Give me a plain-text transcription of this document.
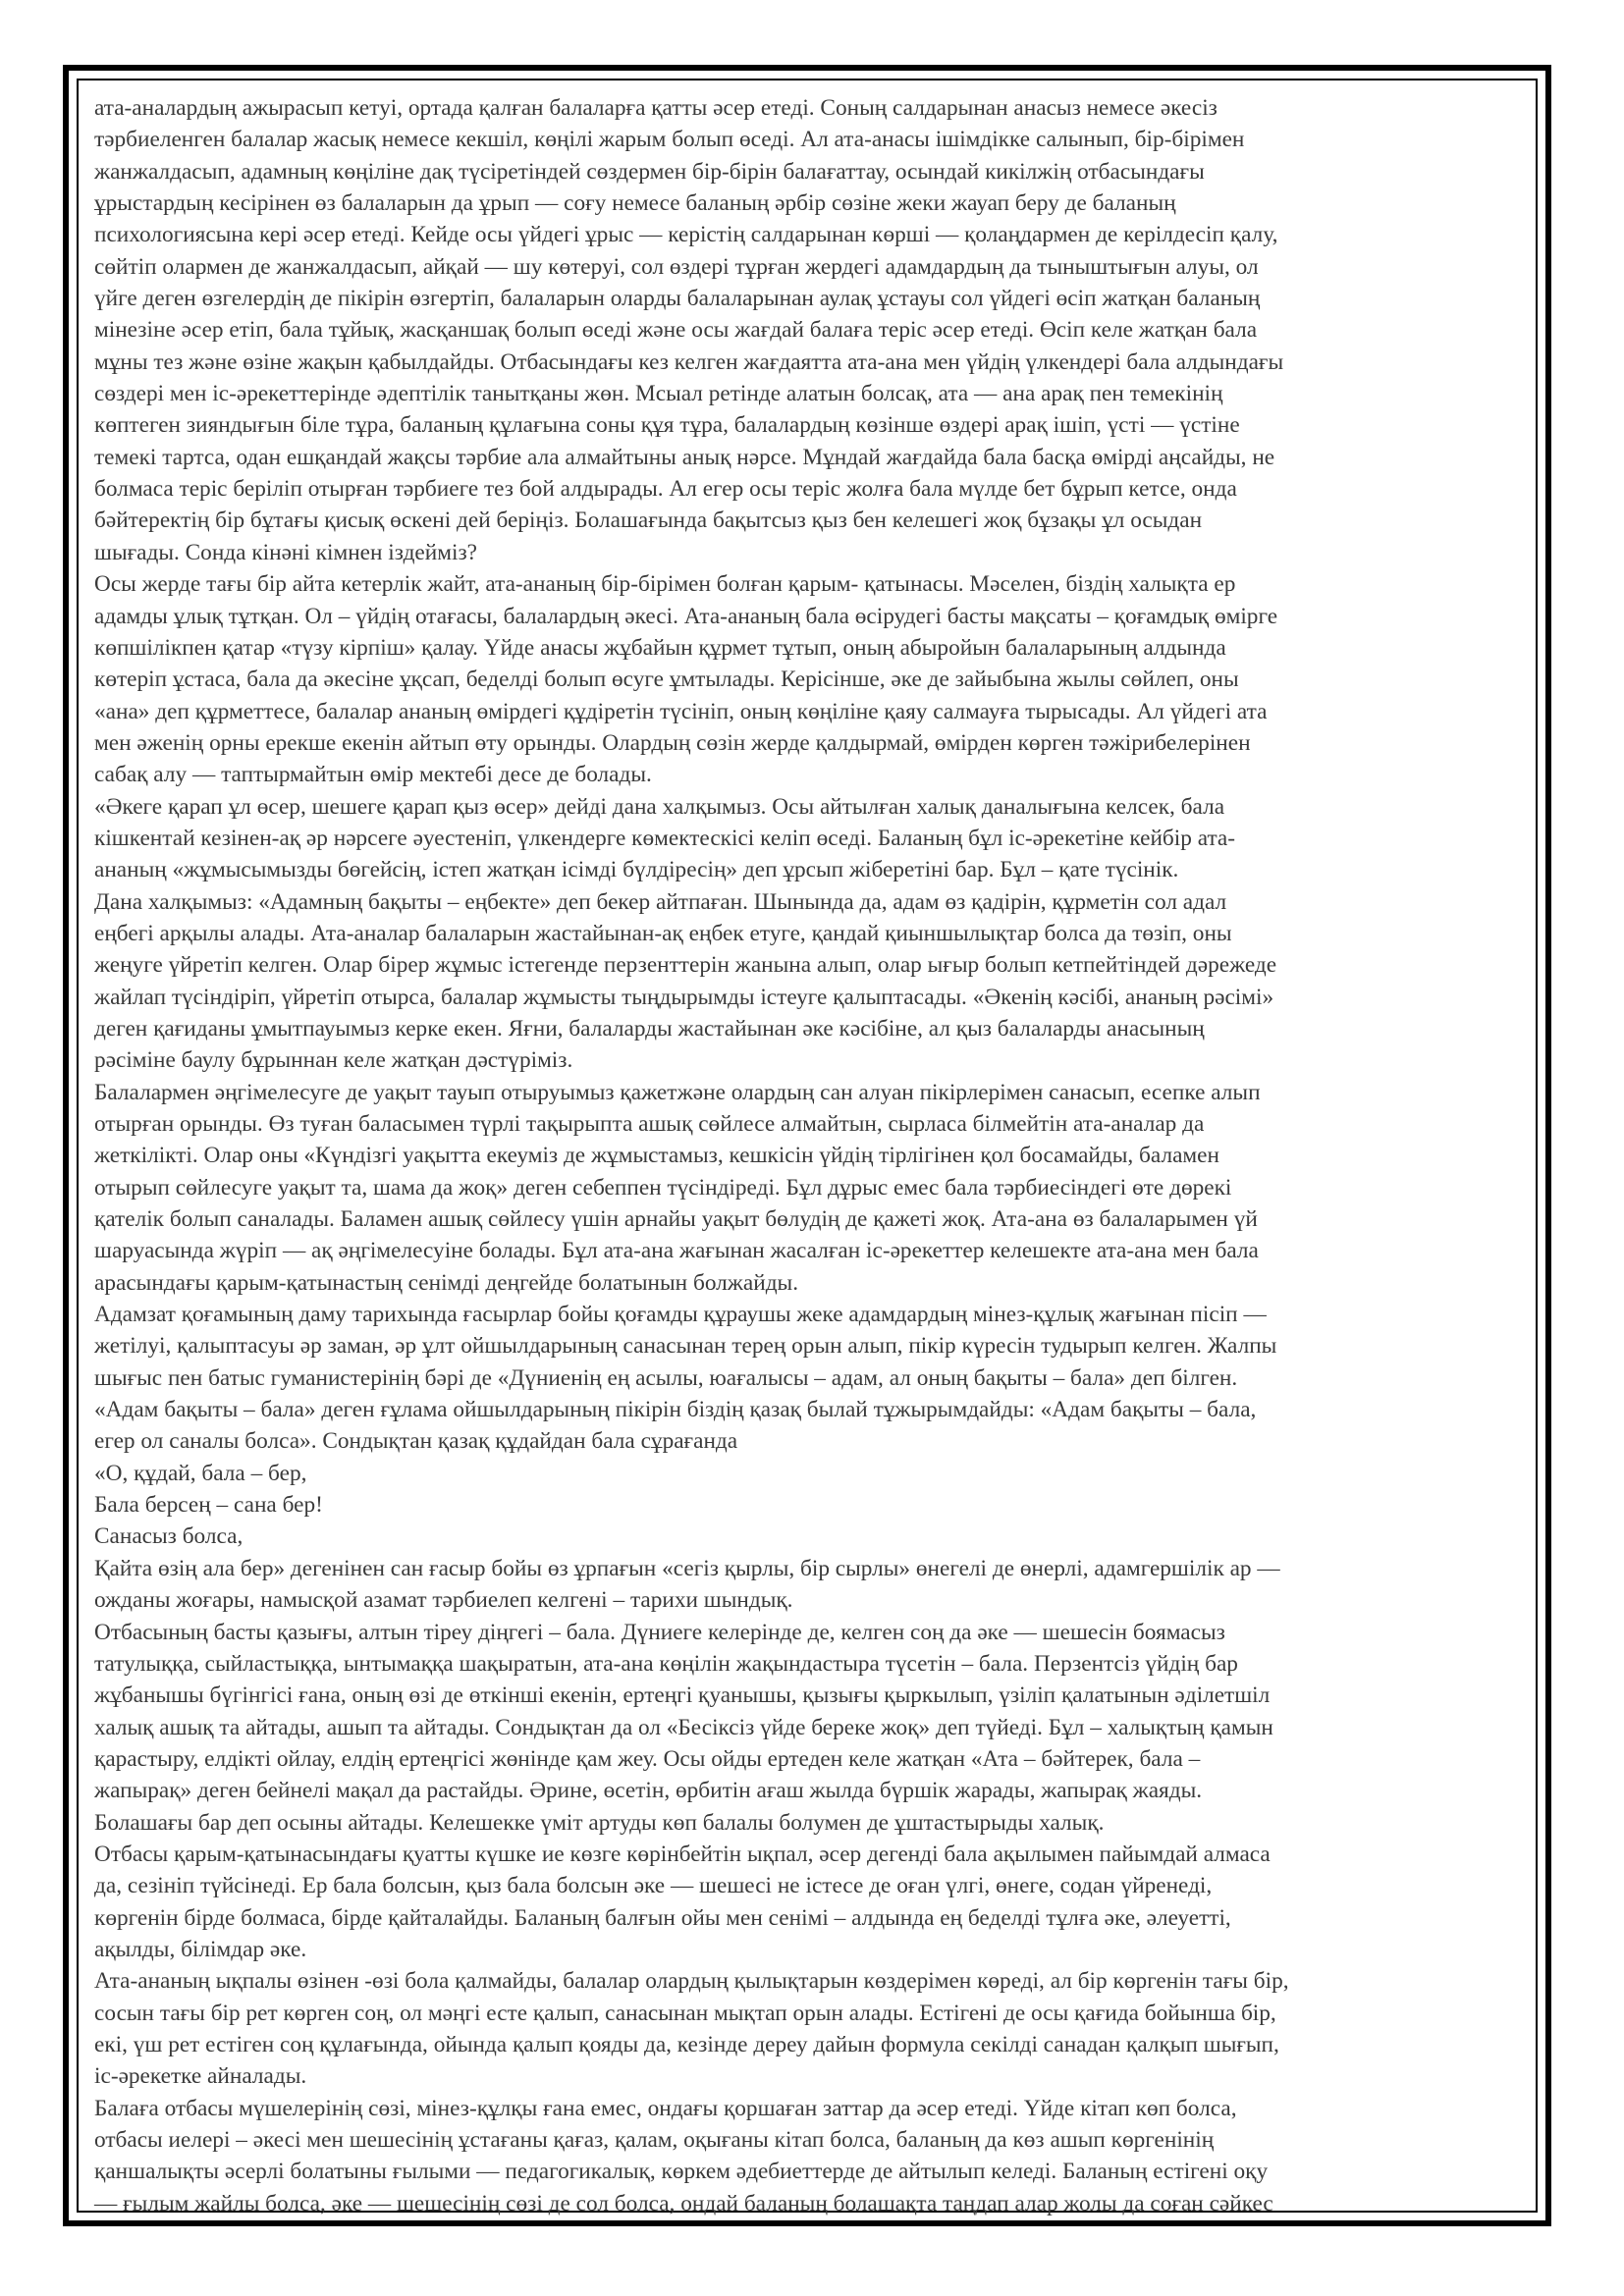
ата-аналардың ажырасып кетуі, ортада қалған балаларға қатты әсер етеді. Соның салдарынан анасыз немесе әкесіз
тәрбиеленген балалар жасық немесе кекшіл, көңілі жарым болып өседі. Ал ата-анасы ішімдікке салынып, бір-бірімен
жанжалдасып, адамның көңіліне дақ түсіретіндей сөздермен бір-бірін балағаттау, осындай кикілжің отбасындағы
ұрыстардың кесірінен өз балаларын да ұрып — соғу немесе баланың әрбір сөзіне жеки жауап беру де баланың
психологиясына кері әсер етеді. Кейде осы үйдегі ұрыс — керістің салдарынан көрші — қолаңдармен де керілдесіп қалу,
сөйтіп олармен де жанжалдасып, айқай — шу көтеруі, сол өздері тұрған жердегі адамдардың да тыныштығын алуы, ол
үйге деген өзгелердің де пікірін өзгертіп, балаларын оларды балаларынан аулақ ұстауы сол үйдегі өсіп жатқан баланың
мінезіне әсер етіп, бала тұйық, жасқаншақ болып өседі және осы жағдай балаға теріс әсер етеді. Өсіп келе жатқан бала
мұны тез және өзіне жақын қабылдайды. Отбасындағы кез келген жағдаятта ата-ана мен үйдің үлкендері бала алдындағы
сөздері мен іс-әрекеттерінде әдептілік танытқаны жөн. Мсыал ретінде алатын болсақ, ата — ана арақ пен темекінің
көптеген зияндығын біле тұра, баланың құлағына соны құя тұра, балалардың көзінше өздері арақ ішіп, үсті — үстіне
темекі тартса, одан ешқандай жақсы тәрбие ала алмайтыны анық нәрсе. Мұндай жағдайда бала басқа өмірді аңсайды, не
болмаса теріс беріліп отырған тәрбиеге тез бой алдырады. Ал егер осы теріс жолға бала мүлде бет бұрып кетсе, онда
бәйтеректің бір бұтағы қисық өскені дей беріңіз. Болашағында бақытсыз қыз бен келешегі жоқ бұзақы ұл осыдан
шығады. Сонда кінәні кімнен іздейміз?
Осы жерде тағы бір айта кетерлік жайт, ата-ананың бір-бірімен болған қарым- қатынасы. Мәселен, біздің халықта ер
адамды ұлық тұтқан. Ол – үйдің отағасы, балалардың әкесі. Ата-ананың бала өсірудегі басты мақсаты – қоғамдық өмірге
көпшілікпен қатар «түзу кірпіш» қалау. Үйде анасы жұбайын құрмет тұтып, оның абыройын балаларының алдында
көтеріп ұстаса, бала да әкесіне ұқсап, беделді болып өсуге ұмтылады. Керісінше, әке де зайыбына жылы сөйлеп, оны
«ана» деп құрметтесе, балалар ананың өмірдегі құдіретін түсініп, оның көңіліне қаяу салмауға тырысады. Ал үйдегі ата
мен әженің орны ерекше екенін айтып өту орынды. Олардың сөзін жерде қалдырмай, өмірден көрген тәжірибелерінен
сабақ алу — таптырмайтын өмір мектебі десе де болады.
«Әкеге қарап ұл өсер, шешеге қарап қыз өсер» дейді дана халқымыз. Осы айтылған халық даналығына келсек, бала
кішкентай кезінен-ақ әр нәрсеге әуестеніп, үлкендерге көмектескісі келіп өседі. Баланың бұл іс-әрекетіне кейбір ата-
ананың «жұмысымызды бөгейсің, істеп жатқан ісімді бүлдіресің» деп ұрсып жіберетіні бар. Бұл – қате түсінік.
Дана халқымыз: «Адамның бақыты – еңбекте» деп бекер айтпаған. Шынында да, адам өз қадірін, құрметін сол адал
еңбегі арқылы алады. Ата-аналар балаларын жастайынан-ақ еңбек етуге, қандай қиыншылықтар болса да төзіп, оны
жеңуге үйретіп келген. Олар бірер жұмыс істегенде перзенттерін жанына алып, олар ығыр болып кетпейтіндей дәрежеде
жайлап түсіндіріп, үйретіп отырса, балалар жұмысты тыңдырымды істеуге қалыптасады. «Әкенің кәсібі, ананың рәсімі»
деген қағиданы ұмытпауымыз керке екен. Яғни, балаларды жастайынан әке кәсібіне, ал қыз балаларды анасының
рәсіміне баулу бұрыннан келе жатқан дәстүріміз.
Балалармен әңгімелесуге де уақыт тауып отыруымыз қажетжәне олардың сан алуан пікірлерімен санасып, есепке алып
отырған орынды. Өз туған баласымен түрлі тақырыпта ашық сөйлесе алмайтын, сырласа білмейтін ата-аналар да
жеткілікті. Олар оны «Күндізгі уақытта екеуміз де жұмыстамыз, кешкісін үйдің тірлігінен қол босамайды, баламен
отырып сөйлесуге уақыт та, шама да жоқ» деген себеппен түсіндіреді. Бұл дұрыс емес бала тәрбиесіндегі өте дөрекі
қателік болып саналады. Баламен ашық сөйлесу үшін арнайы уақыт бөлудің де қажеті жоқ. Ата-ана өз балаларымен үй
шаруасында жүріп — ақ әңгімелесуіне болады. Бұл ата-ана жағынан жасалған іс-әрекеттер келешекте ата-ана мен бала
арасындағы қарым-қатынастың сенімді деңгейде болатынын болжайды.
Адамзат қоғамының даму тарихында ғасырлар бойы қоғамды құраушы жеке адамдардың мінез-құлық жағынан пісіп —
жетілуі, қалыптасуы әр заман, әр ұлт ойшылдарының санасынан терең орын алып, пікір күресін тудырып келген. Жалпы
шығыс пен батыс гуманистерінің бәрі де «Дүниенің ең асылы, юағалысы – адам, ал оның бақыты – бала» деп білген.
«Адам бақыты – бала» деген ғұлама ойшылдарының пікірін біздің қазақ былай тұжырымдайды: «Адам бақыты – бала,
егер ол саналы болса». Сондықтан қазақ құдайдан бала сұрағанда
«О, құдай, бала – бер,
Бала берсең – сана бер!
Санасыз болса,
Қайта өзің ала бер» дегенінен сан ғасыр бойы өз ұрпағын «сегіз қырлы, бір сырлы» өнегелі де өнерлі, адамгершілік ар —
ожданы жоғары, намысқой азамат тәрбиелеп келгені – тарихи шындық.
Отбасының басты қазығы, алтын тіреу діңгегі – бала. Дүниеге келерінде де, келген соң да әке — шешесін боямасыз
татулыққа, сыйластыққа, ынтымаққа шақыратын, ата-ана көңілін жақындастыра түсетін – бала. Перзентсіз үйдің бар
жұбанышы бүгінгісі ғана, оның өзі де өткінші екенін, ертеңгі қуанышы, қызығы қыркылып, үзіліп қалатынын әділетшіл
халық ашық та айтады, ашып та айтады. Сондықтан да ол «Бесіксіз үйде береке жоқ» деп түйеді. Бұл – халықтың қамын
қарастыру, елдікті ойлау, елдің ертеңгісі жөнінде қам жеу. Осы ойды ертеден келе жатқан «Ата – бәйтерек, бала –
жапырақ» деген бейнелі мақал да растайды. Әрине, өсетін, өрбитін ағаш жылда бүршік жарады, жапырақ жаяды.
Болашағы бар деп осыны айтады. Келешекке үміт артуды көп балалы болумен де ұштастырыды халық.
Отбасы қарым-қатынасындағы қуатты күшке ие көзге көрінбейтін ықпал, әсер дегенді бала ақылымен пайымдай алмаса
да, сезініп түйсінеді. Ер бала болсын, қыз бала болсын әке — шешесі не істесе де оған үлгі, өнеге, содан үйренеді,
көргенін бірде болмаса, бірде қайталайды. Баланың балғын ойы мен сенімі – алдында ең беделді тұлға әке, әлеуетті,
ақылды, білімдар әке.
Ата-ананың ықпалы өзінен -өзі бола қалмайды, балалар олардың қылықтарын көздерімен көреді, ал бір көргенін тағы бір,
сосын тағы бір рет көрген соң, ол мәңгі есте қалып, санасынан мықтап орын алады. Естігені де осы қағида бойынша бір,
екі, үш рет естіген соң құлағында, ойында қалып қояды да, кезінде дереу дайын формула секілді санадан қалқып шығып,
іс-әрекетке айналады.
Балаға отбасы мүшелерінің сөзі, мінез-құлқы ғана емес, ондағы қоршаған заттар да әсер етеді. Үйде кітап көп болса,
отбасы иелері – әкесі мен шешесінің ұстағаны қағаз, қалам, оқығаны кітап болса, баланың да көз ашып көргенінің
қаншалықты әсерлі болатыны ғылыми — педагогикалық, көркем әдебиеттерде де айтылып келеді. Баланың естігені оқу
— ғылым жайлы болса, әке — шешесінің сөзі де сол болса, ондай баланың болашақта таңдап алар жолы да соған сәйкес
